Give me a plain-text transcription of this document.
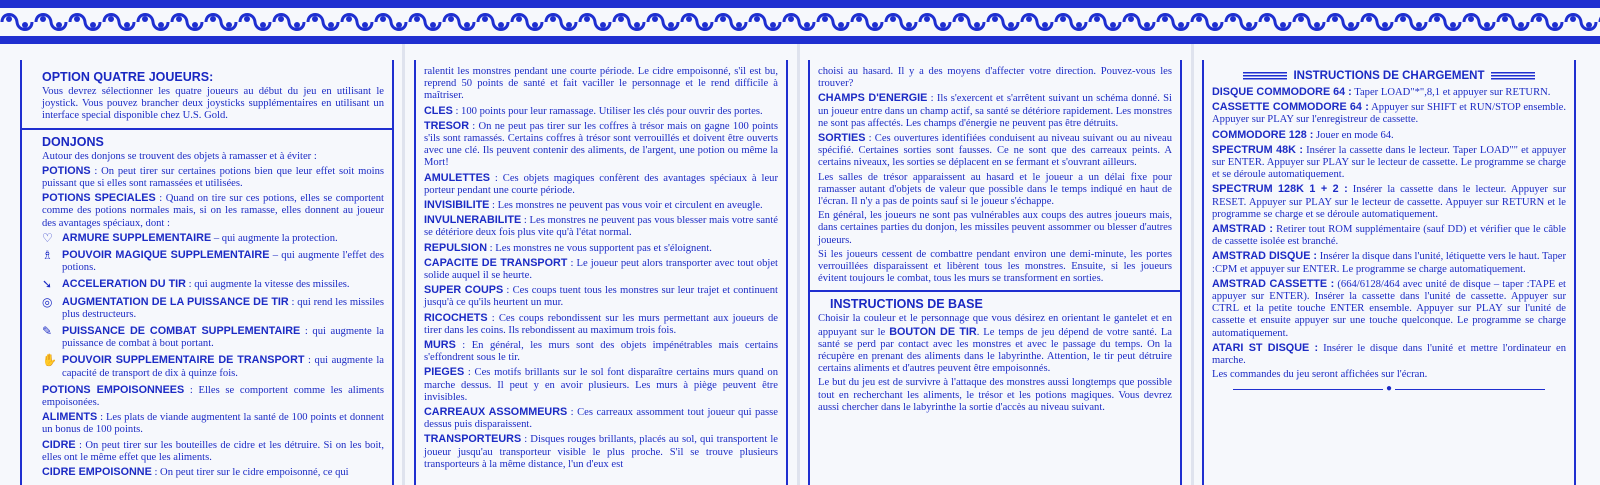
OPTION QUATRE JOUEURS:

Vous devrez sélectionner les quatre joueurs au début du jeu en utilisant le joystick. Vous pouvez brancher deux joysticks supplémentaires en utilisant un interface special disponible chez U.S. Gold.

DONJONS

Autour des donjons se trouvent des objets à ramasser et à éviter :

POTIONS : On peut tirer sur certaines potions bien que leur effet soit moins puissant que si elles sont ramassées et utilisées.

POTIONS SPECIALES : Quand on tire sur ces potions, elles se comportent comme des potions normales mais, si on les ramasse, elles donnent au joueur des avantages spéciaux, dont :

♡ ARMURE SUPPLEMENTAIRE – qui augmente la protection.

♗ POUVOIR MAGIQUE SUPPLEMENTAIRE – qui augmente l'effet des potions.

➘ ACCELERATION DU TIR : qui augmente la vitesse des missiles.

◎ AUGMENTATION DE LA PUISSANCE DE TIR : qui rend les missiles plus destructeurs.

✎ PUISSANCE DE COMBAT SUPPLEMENTAIRE : qui augmente la puissance de combat à bout portant.

✋ POUVOIR SUPPLEMENTAIRE DE TRANSPORT : qui augmente la capacité de transport de dix à quinze fois.

POTIONS EMPOISONNEES : Elles se comportent comme les aliments empoisonées.

ALIMENTS : Les plats de viande augmentent la santé de 100 points et donnent un bonus de 100 points.

CIDRE : On peut tirer sur les bouteilles de cidre et les détruire. Si on les boit, elles ont le même effet que les aliments.

CIDRE EMPOISONNE : On peut tirer sur le cidre empoisonné, ce qui

ralentit les monstres pendant une courte période. Le cidre empoisonné, s'il est bu, reprend 50 points de santé et fait vaciller le personnage et le rend difficile à maîtriser.

CLES : 100 points pour leur ramassage. Utiliser les clés pour ouvrir des portes.

TRESOR : On ne peut pas tirer sur les coffres à trésor mais on gagne 100 points s'ils sont ramassés. Certains coffres à trésor sont verrouillés et doivent être ouverts avec une clé. Ils peuvent contenir des aliments, de l'argent, une potion ou même la Mort!

AMULETTES : Ces objets magiques confèrent des avantages spéciaux à leur porteur pendant une courte période.

INVISIBILITE : Les monstres ne peuvent pas vous voir et circulent en aveugle.

INVULNERABILITE : Les monstres ne peuvent pas vous blesser mais votre santé se détériore deux fois plus vite qu'à l'état normal.

REPULSION : Les monstres ne vous supportent pas et s'éloignent.

CAPACITE DE TRANSPORT : Le joueur peut alors transporter avec tout objet solide auquel il se heurte.

SUPER COUPS : Ces coups tuent tous les monstres sur leur trajet et continuent jusqu'à ce qu'ils heurtent un mur.

RICOCHETS : Ces coups rebondissent sur les murs permettant aux joueurs de tirer dans les coins. Ils rebondissent au maximum trois fois.

MURS : En général, les murs sont des objets impénétrables mais certains s'effondrent sous le tir.

PIEGES : Ces motifs brillants sur le sol font disparaître certains murs quand on marche dessus. Il peut y en avoir plusieurs. Les murs à piège peuvent être invisibles.

CARREAUX ASSOMMEURS : Ces carreaux assomment tout joueur qui passe dessus puis disparaissent.

TRANSPORTEURS : Disques rouges brillants, placés au sol, qui transportent le joueur jusqu'au transporteur visible le plus proche. S'il se trouve plusieurs transporteurs à la même distance, l'un d'eux est

choisi au hasard. Il y a des moyens d'affecter votre direction. Pouvez-vous les trouver?

CHAMPS D'ENERGIE : Ils s'exercent et s'arrêtent suivant un schéma donné. Si un joueur entre dans un champ actif, sa santé se détériore rapidement. Les monstres ne sont pas affectés. Les champs d'énergie ne peuvent pas être détruits.

SORTIES : Ces ouvertures identifiées conduisent au niveau suivant ou au niveau spécifié. Certaines sorties sont fausses. Ce ne sont que des carreaux peints. A certains niveaux, les sorties se déplacent en se fermant et s'ouvrant ailleurs.

Les salles de trésor apparaissent au hasard et le joueur a un délai fixe pour ramasser autant d'objets de valeur que possible dans le temps indiqué en haut de l'écran. Il n'y a pas de points sauf si le joueur s'échappe.

En général, les joueurs ne sont pas vulnérables aux coups des autres joueurs mais, dans certaines parties du donjon, les missiles peuvent assommer ou blesser d'autres joueurs.

Si les joueurs cessent de combattre pendant environ une demi-minute, les portes verrouillées disparaissent et libèrent tous les monstres. Ensuite, si les joueurs évitent toujours le combat, tous les murs se transforment en sorties.

INSTRUCTIONS DE BASE

Choisir la couleur et le personnage que vous désirez en orientant le gantelet et en appuyant sur le BOUTON DE TIR. Le temps de jeu dépend de votre santé. La santé se perd par contact avec les monstres et avec le passage du temps. On la récupère en prenant des aliments dans le labyrinthe. Attention, le tir peut détruire certains aliments et d'autres peuvent être empoisonnés.

Le but du jeu est de survivre à l'attaque des monstres aussi longtemps que possible tout en recherchant les aliments, le trésor et les potions magiques. Vous devrez aussi chercher dans le labyrinthe la sortie d'accès au niveau suivant.

INSTRUCTIONS DE CHARGEMENT

DISQUE COMMODORE 64 : Taper LOAD"*",8,1 et appuyer sur RETURN.

CASSETTE COMMODORE 64 : Appuyer sur SHIFT et RUN/STOP ensemble. Appuyer sur PLAY sur l'enregistreur de cassette.

COMMODORE 128 : Jouer en mode 64.

SPECTRUM 48K : Insérer la cassette dans le lecteur. Taper LOAD"" et appuyer sur ENTER. Appuyer sur PLAY sur le lecteur de cassette. Le programme se charge et se déroule automatiquement.

SPECTRUM 128K 1 + 2 : Insérer la cassette dans le lecteur. Appuyer sur RESET. Appuyer sur PLAY sur le lecteur de cassette. Appuyer sur RETURN et le programme se charge et se déroule automatiquement.

AMSTRAD : Retirer tout ROM supplémentaire (sauf DD) et vérifier que le câble de cassette isolée est branché.

AMSTRAD DISQUE : Insérer la disque dans l'unité, létiquette vers le haut. Taper :CPM et appuyer sur ENTER. Le programme se charge automatiquement.

AMSTRAD CASSETTE : (664/6128/464 avec unité de disque – taper :TAPE et appuyer sur ENTER). Insérer la cassette dans l'unité de cassette. Appuyer sur CTRL et la petite touche ENTER ensemble. Appuyer sur PLAY sur l'unité de cassette et ensuite appuyer sur une touche quelconque. Le programme se charge automatiquement.

ATARI ST DISQUE : Insérer le disque dans l'unité et mettre l'ordinateur en marche.

Les commandes du jeu seront affichées sur l'écran.

●
